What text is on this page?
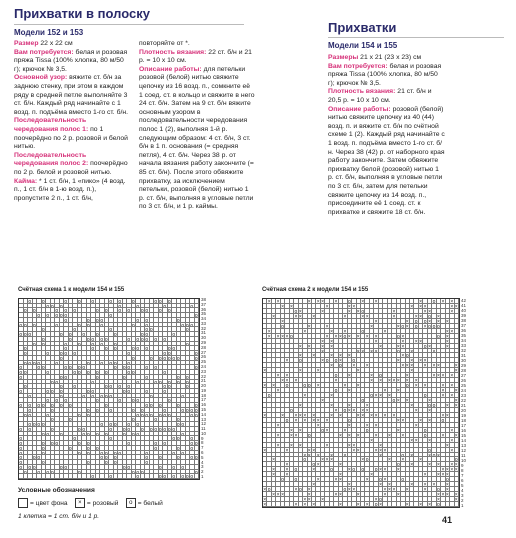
Прихватки в полоску
Модели 152 и 153

Размер 22 х 22 см

Вам потребуется: белая и розовая пряжа Tissa (100% хлопка, 80 м/50 г); крючок № 3,5.

Основной узор: вяжите ст. б/н за заднюю стенку, при этом в каждом ряду в средней петле выполняйте 3 ст. б/н. Каждый ряд начинайте с 1 возд. п. подъёма вместо 1-го ст. б/н.

Последовательность чередования полос 1: по 1 поочерёдно по 2 р. розовой и белой нитью.

Последовательность чередования полос 2: поочерёдно по 2 р. белой и розовой нитью.

Кайма: * 1 ст. б/н, 1 «пико» (4 возд. п., 1 ст. б/н в 1-ю возд. п.), пропустите 2 п., 1 ст. б/н,

повторяйте от *.

Плотность вязания: 22 ст. б/н и 21 р. = 10 х 10 см.

Описание работы: для петельки розовой (белой) нитью свяжите цепочку из 16 возд. п., сомкните её 1 соед. ст. в кольцо и свяжите в него 24 ст. б/н. Затем на 9 ст. б/н вяжите основным узором в последовательности чередования полос 1 (2), выполняя 1-й р. следующим образом: 4 ст. б/н, 3 ст. б/н в 1 п. основания (= средняя петля), 4 ст. б/н. Через 38 р. от начала вязания работу закончите (= 85 ст. б/н). После этого обвяжите прихватку, за исключением петельки, розовой (белой) нитью 1 р. ст. б/н, выполняя в угловые петли по 3 ст. б/н, и 1 р. каймы.

Прихватки
Модели 154 и 155

Размеры 21 х 21 (23 х 23) см

Вам потребуется: белая и розовая пряжа Tissa (100% хлопка, 80 м/50 г); крючок № 3,5.

Плотность вязания: 21 ст. б/н и 20,5 р. = 10 х 10 см.

Описание работы: розовой (белой) нитью свяжите цепочку из 40 (44) возд. п. и вяжите ст. б/н по счётной схеме 1 (2). Каждый ряд начинайте с 1 возд. п. подъёма вместо 1-го ст. б/н. Через 38 (42) р. от наборного края работу закончите. Затем обвяжите прихватку белой (розовой) нитью 1 р. ст. б/н, выполняя в угловые петли по 3 ст. б/н, затем для петельки свяжите цепочку из 14 возд. п., присоедините её 1 соед. ст. к прихватке и свяжите 18 ст. б/н.

Счётная схема 1 к модели 154 и 155
o
o
o
o
o
o
o
o
o
o
o
o
o
o
o
o
o
o
o
o
o
o
o
o
o
o
o
o
o
o
o
o
o
o
o
o
o
o
o
o
o
o
o
o
o
o
o
o
o
o
o
o
o
o
o
o
o
o
o
o
o
o
o
o
o
o
o
o
o
o
o
o
o
o
o
o
o
o
o
o
o
o
o
o
o
o
o
o
o
o
o
o
o
o
o
o
o
o
o
o
o
o
o
o
o
o
o
o
o
o
o
o
o
o
o
o
o
o
o
o
o
o
o
o
o
o
o
o
o
o
o
o
o
o
o
o
o
o
o
o
o
o
o
o
o
o
o
o
o
o
o
o
o
o
o
o
o
o
o
o
o
o
o
o
o
o
o
o
o
o
o
o
o
o
o
o
o
o
o
o
o
o
o
o
o
o
o
o
o
o
o
o
o
o
o
o
o
o
o
o
o
o
o
o
o
o
o
o
o
o
o
o
o
o
o
o
o
o
o
o
o
o
o
o
o
o
o
o
o
o
o
o
o
o
o
o
o
o
o
o
o
o
o
o
o
o
o
o
o
o
o
o
o
o
o
o
o
o
o
o
o
o
o
o
o
o
o
o
o
o
o
o
o
o
o
o
o
o
o
o
o
o
o
o
o
o
o
o
o
o
o
o
o
o
o
o
o
o
o
o
o
o
o
o
o
o
o
o
o
o
o
o
o
o
o
o
o
o
o
o
o
o
o
o
o
o
o
o
o
o
o
o
o
o
o
o
o
o
o
o
o
o
o
o
o
o
o
o
o
o
o
o
o
o
o
o
o
o
o
o
o
o
o
o
o
o
o
o
o
o
o
o
38
37
36
35
34
33
32
31
30
29
28
27
26
25
24
23
22
21
20
19
18
17
16
15
14
13
12
11
10
9
8
7
6
5
4
3
2
1
Счётная схема 2 к модели 154 и 155
×
×
×
×
×
×
o
×
×
×
o
×
×
×
×
×
×
×
×
×
×
×
×
o
×
×
×
×
o
×
×
×
×
×
×
×
×
×
×
×
×
×
×
o
×
×
×
×
o
o
×
×
×
o
×
×
×
×
o
×
o
×
o
o
o
×
×
×
×
o
×
×
×
×
×
×
×
o
×
×
×
o
×
×
×
×
o
×
o
×
×
×
×
×
×
×
×
×
×
×
×
×
×
×
o
×
×
×
×
×
×
×
o
×
×
×
×
×
×
×
×
o
×
o
×
o
o
×
o
×
×
×
×
×
o
×
×
×
×
×
×
×
×
×
×
×
×
×
×
×
×
×
o
×
×
o
×
×
×
×
×
×
×
×
×
×
×
×
×
×
×
×
×
×
o
o
o
×
×
×
o
×
×
×
×
×
o
×
×
×
×
×
o
×
×
o
×
×
×
o
×
×
×
o
o
×
×
×
×
×
×
×
×
×
o
o
×
×
o
×
o
×
×
×
×
×
×
×
×
×
×
×
×
×
×
×
×
×
×
×
×
×
×
o
×
×
×
×
×
o
×
×
×
×
o
×
×
×
×
×
×
×
×
o
×
×
o
×
o
×
×
×
×
o
×
×
×
×
×
×
o
×
×
×
×
×
×
×
×
×
×
×
×
×
×
×
×
×
×
×
×
×
×
×
×
o
×
×
×
×
×
×
×
o
×
×
o
×
×
o
×
×
×
×
o
×
×
×
o
×
o
×
×
o
×
×
×
×
×
×
×
o
×
o
×
o
o
o
×
×
×
×
×
×
×
×
×
×
×
×
×
×
×
o
o
×
×
×
×
o
×
o
o
×
×
×
×
×
×
×
×
×
o
×
o
×
o
×
×
×
×
×
×
×
o
×
×
×
×
×
×
×
×
×
×
×
×
×
×
×
×
×
×
×
o
×
×
×
×
×
×
×
×
×
o
×
×
×
×
o
42
41
40
39
38
37
36
35
34
33
32
31
30
29
28
27
26
25
24
23
22
21
20
19
18
17
16
15
14
13
12
11
10
9
8
7
6
5
4
3
2
1
Условные обозначения
= цвет фона × = розовый o = белый
1 клетка = 1 ст. б/н и 1 р.	41
